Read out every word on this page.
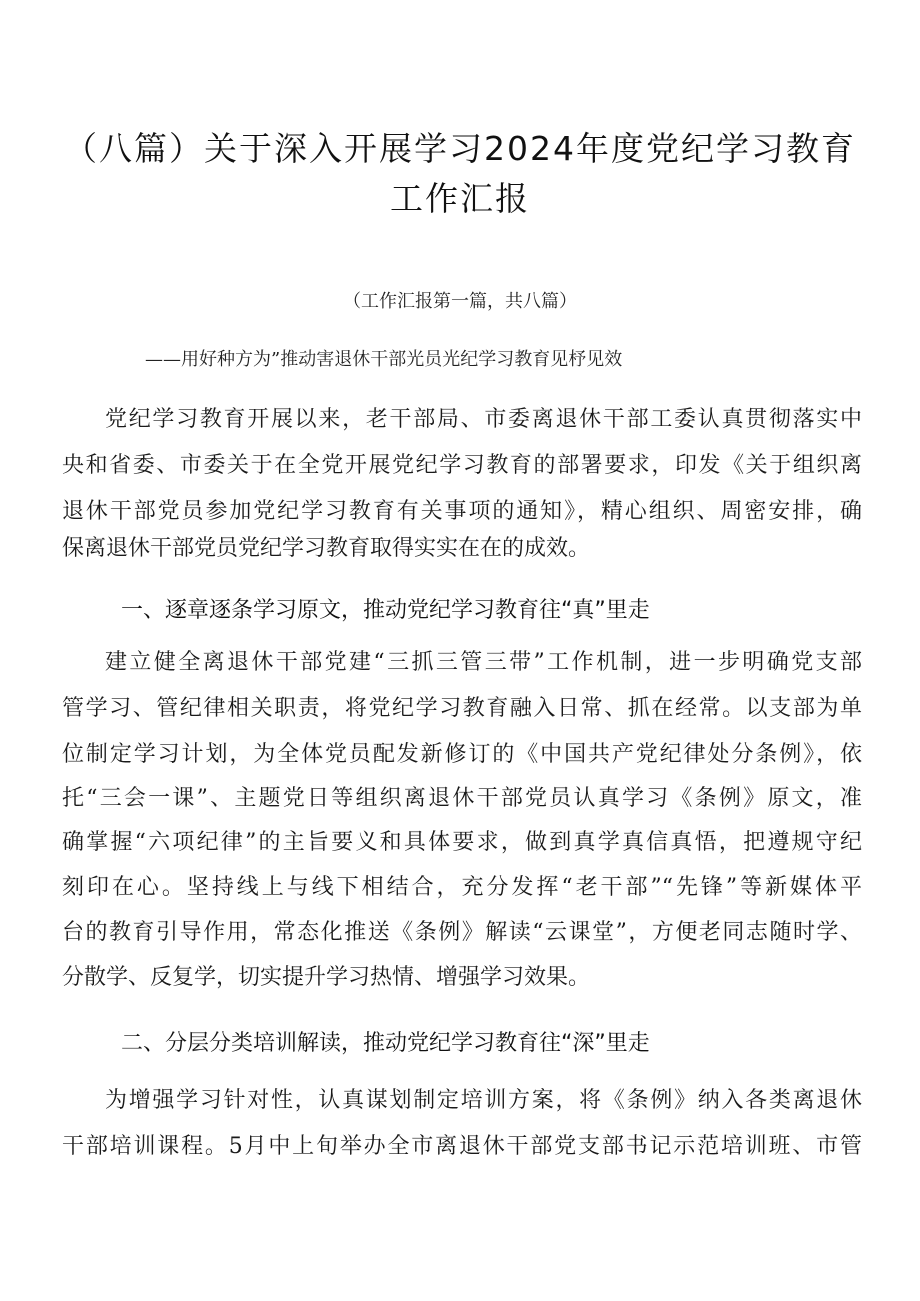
（八篇）关于深入开展学习2024年度党纪学习教育
工作汇报
（工作汇报第一篇，共八篇）
——用好种方为”推动害退休干部光员光纪学习教育见杼见效
党纪学习教育开展以来，老干部局、市委离退休干部工委认真贯彻落实中
央和省委、市委关于在全党开展党纪学习教育的部署要求，印发《关于组织离
退休干部党员参加党纪学习教育有关事项的通知》，精心组织、周密安排，确
保离退休干部党员党纪学习教育取得实实在在的成效。
一、逐章逐条学习原文，推动党纪学习教育往“真”里走
建立健全离退休干部党建“三抓三管三带”工作机制，进一步明确党支部
管学习、管纪律相关职责，将党纪学习教育融入日常、抓在经常。以支部为单
位制定学习计划，为全体党员配发新修订的《中国共产党纪律处分条例》，依
托“三会一课”、主题党日等组织离退休干部党员认真学习《条例》原文，准
确掌握“六项纪律”的主旨要义和具体要求，做到真学真信真悟，把遵规守纪
刻印在心。坚持线上与线下相结合，充分发挥“老干部”“先锋”等新媒体平
台的教育引导作用，常态化推送《条例》解读“云课堂”，方便老同志随时学、
分散学、反复学，切实提升学习热情、增强学习效果。
二、分层分类培训解读，推动党纪学习教育往“深”里走
为增强学习针对性，认真谋划制定培训方案，将《条例》纳入各类离退休
干部培训课程。5月中上旬举办全市离退休干部党支部书记示范培训班、市管
